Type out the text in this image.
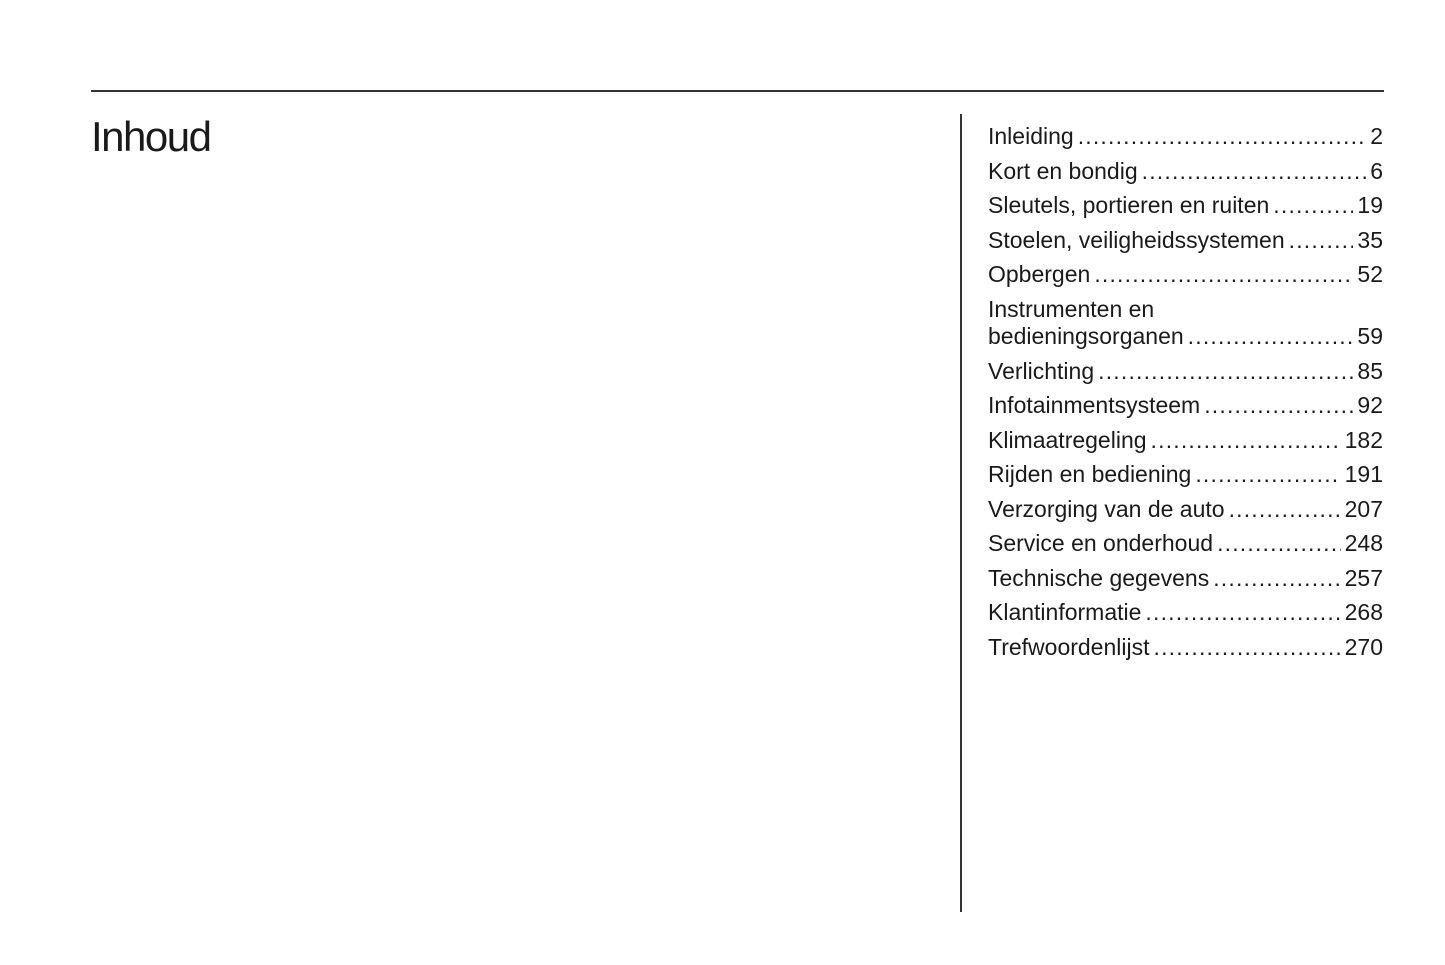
Inhoud	Inleiding . . .	2
Kort en bondig . . .	6
Sleutels, portieren en ruiten . . .	19
Stoelen, veiligheidssystemen . . .	35
Opbergen . . .	52
Instrumenten en
bedieningsorganen . . .	59
Verlichting . . .	85
Infotainmentsysteem . . .	92
Klimaatregeling . . .	182
Rijden en bediening . . .	191
Verzorging van de auto . . .	207
Service en onderhoud . . .	248
Technische gegevens . . .	257
Klantinformatie . . .	268
Trefwoordenlijst . . .	270
